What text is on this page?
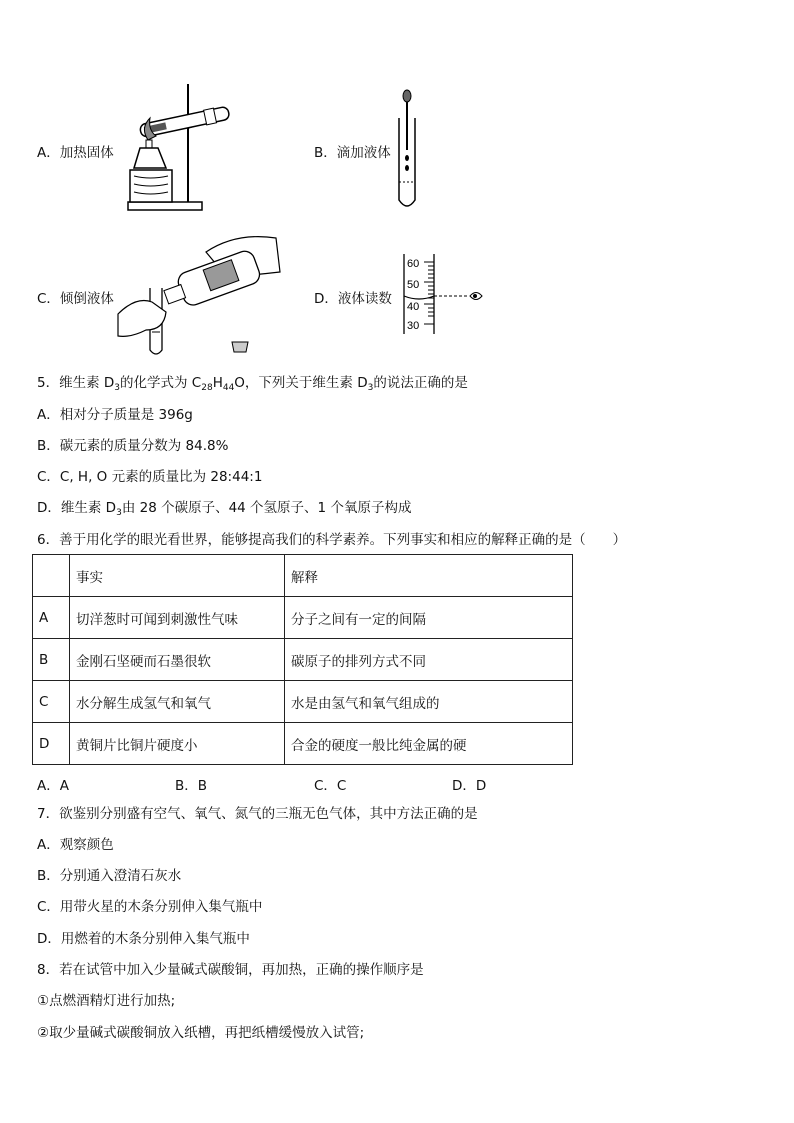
A．加热固体	B．滴加液体
C．倾倒液体	D．液体读数
60
50
40
30
5．维生素 $D_3$的化学式为 $C_{28}H_{44}O$，下列关于维生素 $D_3$的说法正确的是
A．相对分子质量是 396g
B．碳元素的质量分数为 84.8%
C．C, H, O 元素的质量比为 28:44:1
D．维生素 $D_3$由 28 个碳原子、44 个氢原子、1 个氧原子构成
6．善于用化学的眼光看世界，能够提高我们的科学素养。下列事实和相应的解释正确的是（　　）
	事实	解释
A	切洋葱时可闻到刺激性气味	分子之间有一定的间隔
B	金刚石坚硬而石墨很软	碳原子的排列方式不同
C	水分解生成氢气和氧气	水是由氢气和氧气组成的
D	黄铜片比铜片硬度小	合金的硬度一般比纯金属的硬
A．A	B．B	C．C	D．D
7．欲鉴别分别盛有空气、氧气、氮气的三瓶无色气体，其中方法正确的是
A．观察颜色
B．分别通入澄清石灰水
C．用带火星的木条分别伸入集气瓶中
D．用燃着的木条分别伸入集气瓶中
8．若在试管中加入少量碱式碳酸铜，再加热，正确的操作顺序是
①点燃酒精灯进行加热;
②取少量碱式碳酸铜放入纸槽，再把纸槽缓慢放入试管;
